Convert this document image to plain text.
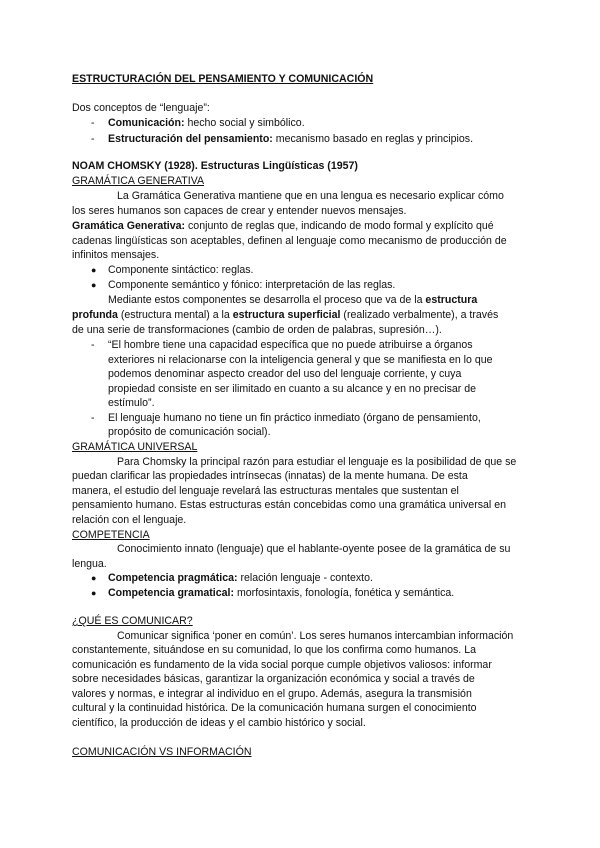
ESTRUCTURACIÓN DEL PENSAMIENTO Y COMUNICACIÓN
Dos conceptos de “lenguaje”:
-	Comunicación: hecho social y simbólico.
-	Estructuración del pensamiento: mecanismo basado en reglas y principios.
NOAM CHOMSKY (1928). Estructuras Lingüísticas (1957)
GRAMÁTICA GENERATIVA
La Gramática Generativa mantiene que en una lengua es necesario explicar cómo
los seres humanos son capaces de crear y entender nuevos mensajes.
Gramática Generativa: conjunto de reglas que, indicando de modo formal y explícito qué
cadenas lingüísticas son aceptables, definen al lenguaje como mecanismo de producción de
infinitos mensajes.
● Componente sintáctico: reglas.
● Componente semántico y fónico: interpretación de las reglas.
Mediante estos componentes se desarrolla el proceso que va de la estructura
profunda (estructura mental) a la estructura superficial (realizado verbalmente), a través
de una serie de transformaciones (cambio de orden de palabras, supresión…).
-	“El hombre tiene una capacidad específica que no puede atribuirse a órganos
exteriores ni relacionarse con la inteligencia general y que se manifiesta en lo que
podemos denominar aspecto creador del uso del lenguaje corriente, y cuya
propiedad consiste en ser ilimitado en cuanto a su alcance y en no precisar de
estímulo”.
-	El lenguaje humano no tiene un fin práctico inmediato (órgano de pensamiento,
propósito de comunicación social).
GRAMÁTICA UNIVERSAL
Para Chomsky la principal razón para estudiar el lenguaje es la posibilidad de que se
puedan clarificar las propiedades intrínsecas (innatas) de la mente humana. De esta
manera, el estudio del lenguaje revelará las estructuras mentales que sustentan el
pensamiento humano. Estas estructuras están concebidas como una gramática universal en
relación con el lenguaje.
COMPETENCIA
Conocimiento innato (lenguaje) que el hablante-oyente posee de la gramática de su
lengua.
● Competencia pragmática: relación lenguaje - contexto.
● Competencia gramatical: morfosintaxis, fonología, fonética y semántica.
¿QUÉ ES COMUNICAR?
Comunicar significa ‘poner en común’. Los seres humanos intercambian información
constantemente, situándose en su comunidad, lo que los confirma como humanos. La
comunicación es fundamento de la vida social porque cumple objetivos valiosos: informar
sobre necesidades básicas, garantizar la organización económica y social a través de
valores y normas, e integrar al individuo en el grupo. Además, asegura la transmisión
cultural y la continuidad histórica. De la comunicación humana surgen el conocimiento
científico, la producción de ideas y el cambio histórico y social.
COMUNICACIÓN VS INFORMACIÓN
